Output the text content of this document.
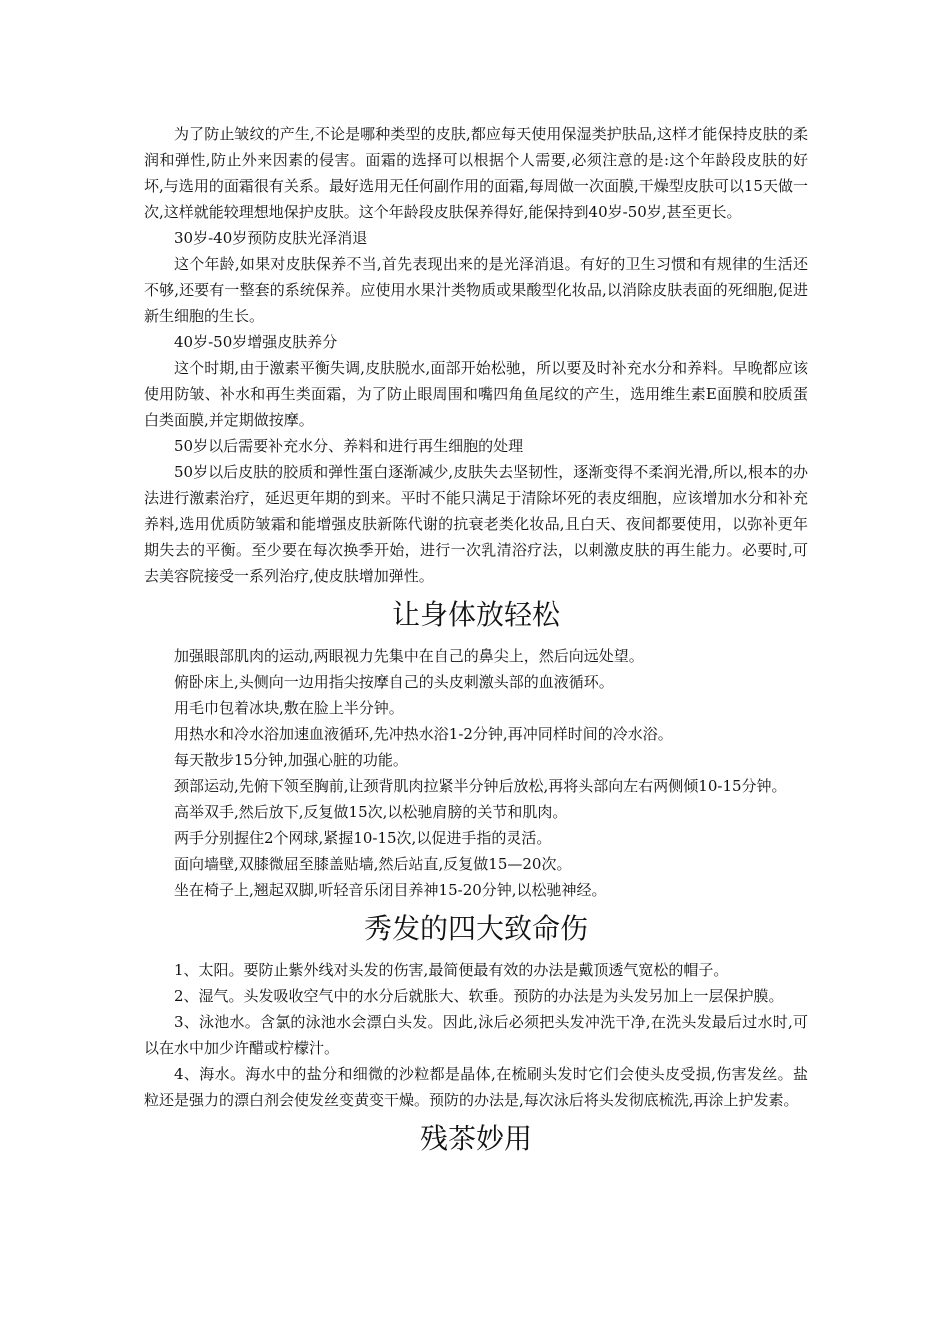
为了防止皱纹的产生,不论是哪种类型的皮肤,都应每天使用保湿类护肤品,这样才能保持皮肤的柔润和弹性,防止外来因素的侵害。面霜的选择可以根据个人需要,必须注意的是:这个年龄段皮肤的好坏,与选用的面霜很有关系。最好选用无任何副作用的面霜,每周做一次面膜,干燥型皮肤可以15天做一次,这样就能较理想地保护皮肤。这个年龄段皮肤保养得好,能保持到40岁-50岁,甚至更长。

30岁-40岁预防皮肤光泽消退

这个年龄,如果对皮肤保养不当,首先表现出来的是光泽消退。有好的卫生习惯和有规律的生活还不够,还要有一整套的系统保养。应使用水果汁类物质或果酸型化妆品,以消除皮肤表面的死细胞,促进新生细胞的生长。

40岁-50岁增强皮肤养分

这个时期,由于激素平衡失调,皮肤脱水,面部开始松驰，所以要及时补充水分和养料。早晚都应该使用防皱、补水和再生类面霜，为了防止眼周围和嘴四角鱼尾纹的产生，选用维生素E面膜和胶质蛋白类面膜,并定期做按摩。

50岁以后需要补充水分、养料和进行再生细胞的处理

50岁以后皮肤的胶质和弹性蛋白逐渐减少,皮肤失去坚韧性，逐渐变得不柔润光滑,所以,根本的办法进行激素治疗，延迟更年期的到来。平时不能只满足于清除坏死的表皮细胞，应该增加水分和补充养料,选用优质防皱霜和能增强皮肤新陈代谢的抗衰老类化妆品,且白天、夜间都要使用，以弥补更年期失去的平衡。至少要在每次换季开始，进行一次乳清浴疗法，以刺激皮肤的再生能力。必要时,可去美容院接受一系列治疗,使皮肤增加弹性。

让身体放轻松

加强眼部肌肉的运动,两眼视力先集中在自己的鼻尖上，然后向远处望。

俯卧床上,头侧向一边用指尖按摩自己的头皮刺激头部的血液循环。

用毛巾包着冰块,敷在脸上半分钟。

用热水和冷水浴加速血液循环,先冲热水浴1-2分钟,再冲同样时间的冷水浴。

每天散步15分钟,加强心脏的功能。

颈部运动,先俯下领至胸前,让颈背肌肉拉紧半分钟后放松,再将头部向左右两侧倾10-15分钟。

高举双手,然后放下,反复做15次,以松驰肩膀的关节和肌肉。

两手分别握住2个网球,紧握10-15次,以促进手指的灵活。

面向墙壁,双膝微屈至膝盖贴墙,然后站直,反复做15—20次。

坐在椅子上,翘起双脚,听轻音乐闭目养神15-20分钟,以松驰神经。

秀发的四大致命伤

1、太阳。要防止紫外线对头发的伤害,最简便最有效的办法是戴顶透气宽松的帽子。

2、湿气。头发吸收空气中的水分后就胀大、软垂。预防的办法是为头发另加上一层保护膜。

3、泳池水。含氯的泳池水会漂白头发。因此,泳后必须把头发冲洗干净,在洗头发最后过水时,可以在水中加少许醋或柠檬汁。

4、海水。海水中的盐分和细微的沙粒都是晶体,在梳刷头发时它们会使头皮受损,伤害发丝。盐粒还是强力的漂白剂会使发丝变黄变干燥。预防的办法是,每次泳后将头发彻底梳洗,再涂上护发素。

残茶妙用
